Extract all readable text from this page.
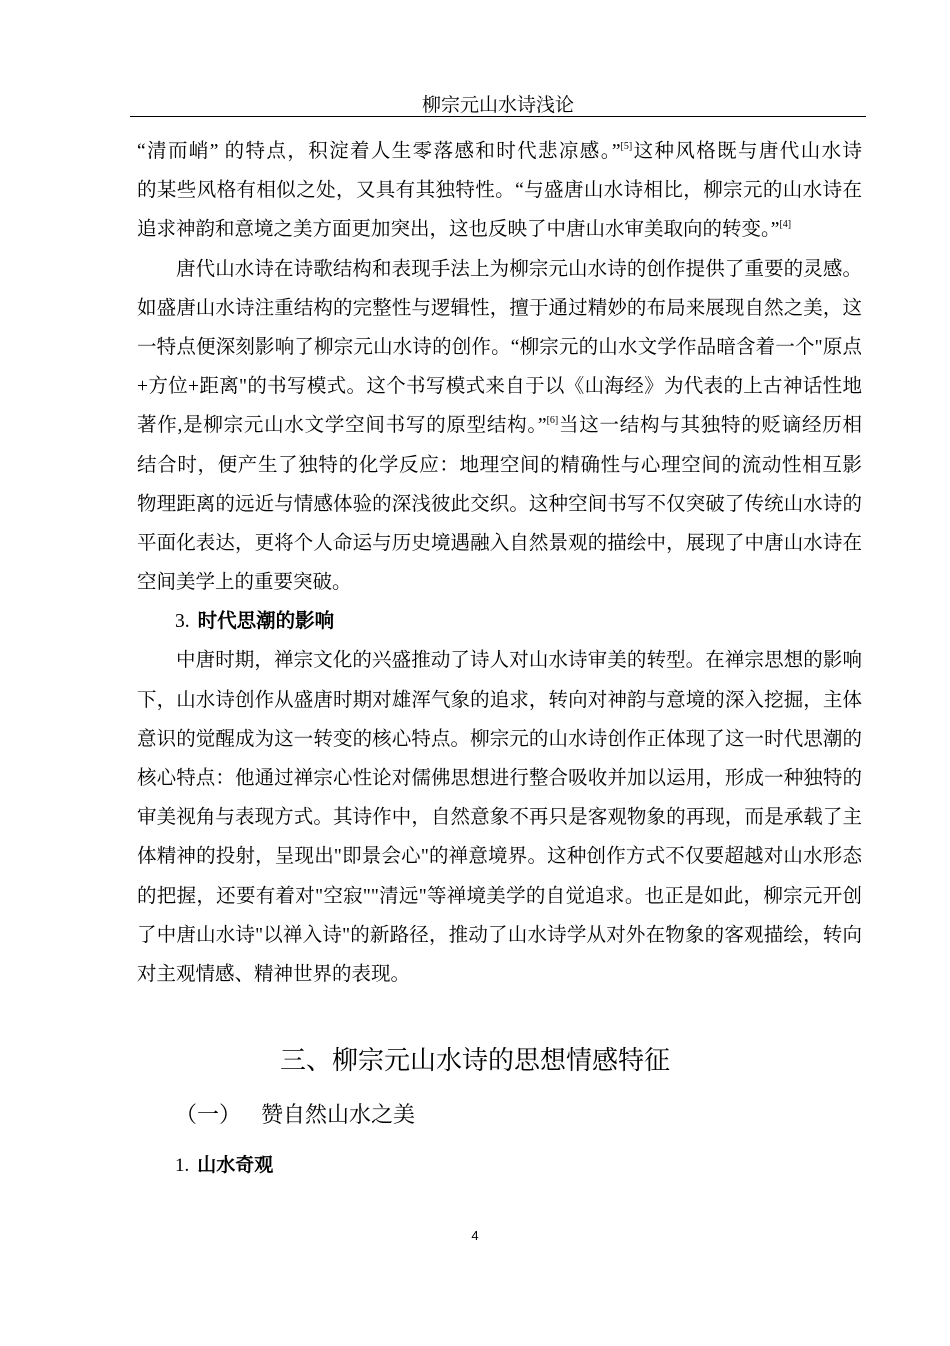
柳宗元山水诗浅论
“清而峭” 的特点，积淀着人生零落感和时代悲凉感。”[5]这种风格既与唐代山水诗
的某些风格有相似之处，又具有其独特性。“与盛唐山水诗相比，柳宗元的山水诗在
追求神韵和意境之美方面更加突出，这也反映了中唐山水审美取向的转变。”[4]
唐代山水诗在诗歌结构和表现手法上为柳宗元山水诗的创作提供了重要的灵感。
如盛唐山水诗注重结构的完整性与逻辑性，擅于通过精妙的布局来展现自然之美，这
一特点便深刻影响了柳宗元山水诗的创作。“柳宗元的山水文学作品暗含着一个"原点
+方位+距离"的书写模式。这个书写模式来自于以《山海经》为代表的上古神话性地
著作,是柳宗元山水文学空间书写的原型结构。”[6]当这一结构与其独特的贬谪经历相
结合时，便产生了独特的化学反应：地理空间的精确性与心理空间的流动性相互影
物理距离的远近与情感体验的深浅彼此交织。这种空间书写不仅突破了传统山水诗的
平面化表达，更将个人命运与历史境遇融入自然景观的描绘中，展现了中唐山水诗在
空间美学上的重要突破。
3. 时代思潮的影响
中唐时期，禅宗文化的兴盛推动了诗人对山水诗审美的转型。在禅宗思想的影响
下，山水诗创作从盛唐时期对雄浑气象的追求，转向对神韵与意境的深入挖掘，主体
意识的觉醒成为这一转变的核心特点。柳宗元的山水诗创作正体现了这一时代思潮的
核心特点：他通过禅宗心性论对儒佛思想进行整合吸收并加以运用，形成一种独特的
审美视角与表现方式。其诗作中，自然意象不再只是客观物象的再现，而是承载了主
体精神的投射，呈现出"即景会心"的禅意境界。这种创作方式不仅要超越对山水形态
的把握，还要有着对"空寂""清远"等禅境美学的自觉追求。也正是如此，柳宗元开创
了中唐山水诗"以禅入诗"的新路径，推动了山水诗学从对外在物象的客观描绘，转向
对主观情感、精神世界的表现。
三、柳宗元山水诗的思想情感特征
（一） 赞自然山水之美
1. 山水奇观
4
